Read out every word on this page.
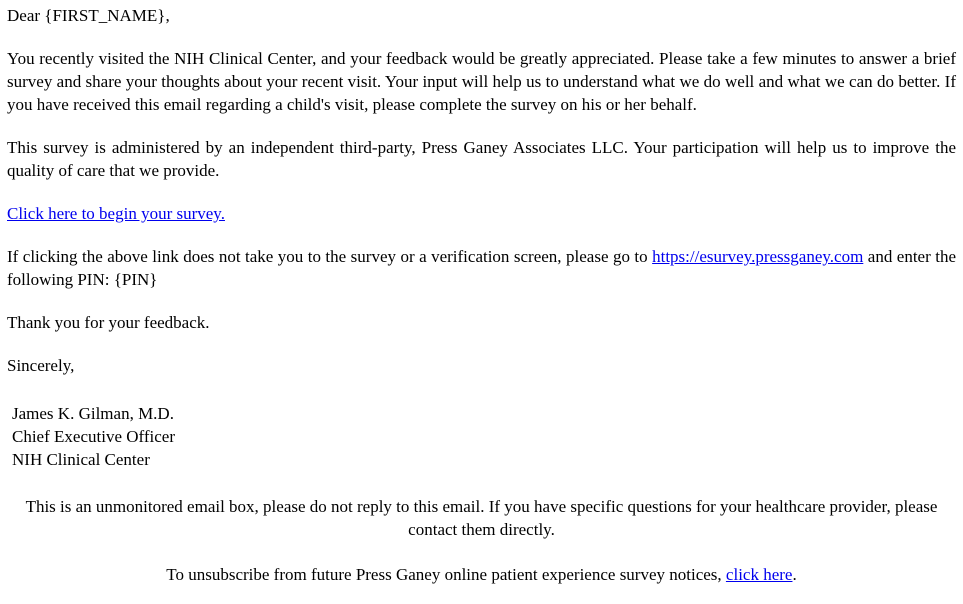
Dear {FIRST_NAME},

You recently visited the NIH Clinical Center, and your feedback would be greatly appreciated. Please take a few minutes to answer a brief survey and share your thoughts about your recent visit. Your input will help us to understand what we do well and what we can do better. If you have received this email regarding a child's visit, please complete the survey on his or her behalf.

This survey is administered by an independent third-party, Press Ganey Associates LLC. Your participation will help us to improve the quality of care that we provide.

Click here to begin your survey.

If clicking the above link does not take you to the survey or a verification screen, please go to https://esurvey.pressganey.com and enter the following PIN: {PIN}

Thank you for your feedback.

Sincerely,

James K. Gilman, M.D.
Chief Executive Officer
NIH Clinical Center

This is an unmonitored email box, please do not reply to this email. If you have specific questions for your healthcare provider, please contact them directly.

To unsubscribe from future Press Ganey online patient experience survey notices, click here.
